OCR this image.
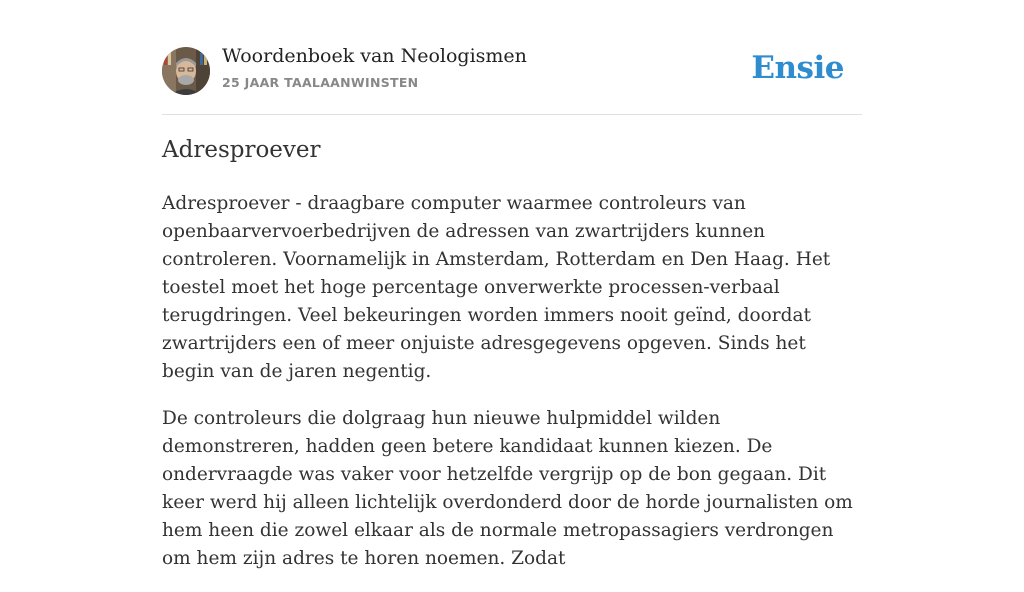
Woordenboek van Neologismen
25 JAAR TAALAANWINSTEN	Ensie
Adresproever

Adresproever - draagbare computer waarmee controleurs van openbaarvervoerbedrijven de adressen van zwartrijders kunnen controleren. Voornamelijk in Amsterdam, Rotterdam en Den Haag. Het toestel moet het hoge percentage onverwerkte processen-verbaal terugdringen. Veel bekeuringen worden immers nooit geïnd, doordat zwartrijders een of meer onjuiste adresgegevens opgeven. Sinds het begin van de jaren negentig.

De controleurs die dolgraag hun nieuwe hulpmiddel wilden demonstreren, hadden geen betere kandidaat kunnen kiezen. De ondervraagde was vaker voor hetzelfde vergrijp op de bon gegaan. Dit keer werd hij alleen lichtelijk overdonderd door de horde journalisten om hem heen die zowel elkaar als de normale metropassagiers verdrongen om hem zijn adres te horen noemen. Zodat
